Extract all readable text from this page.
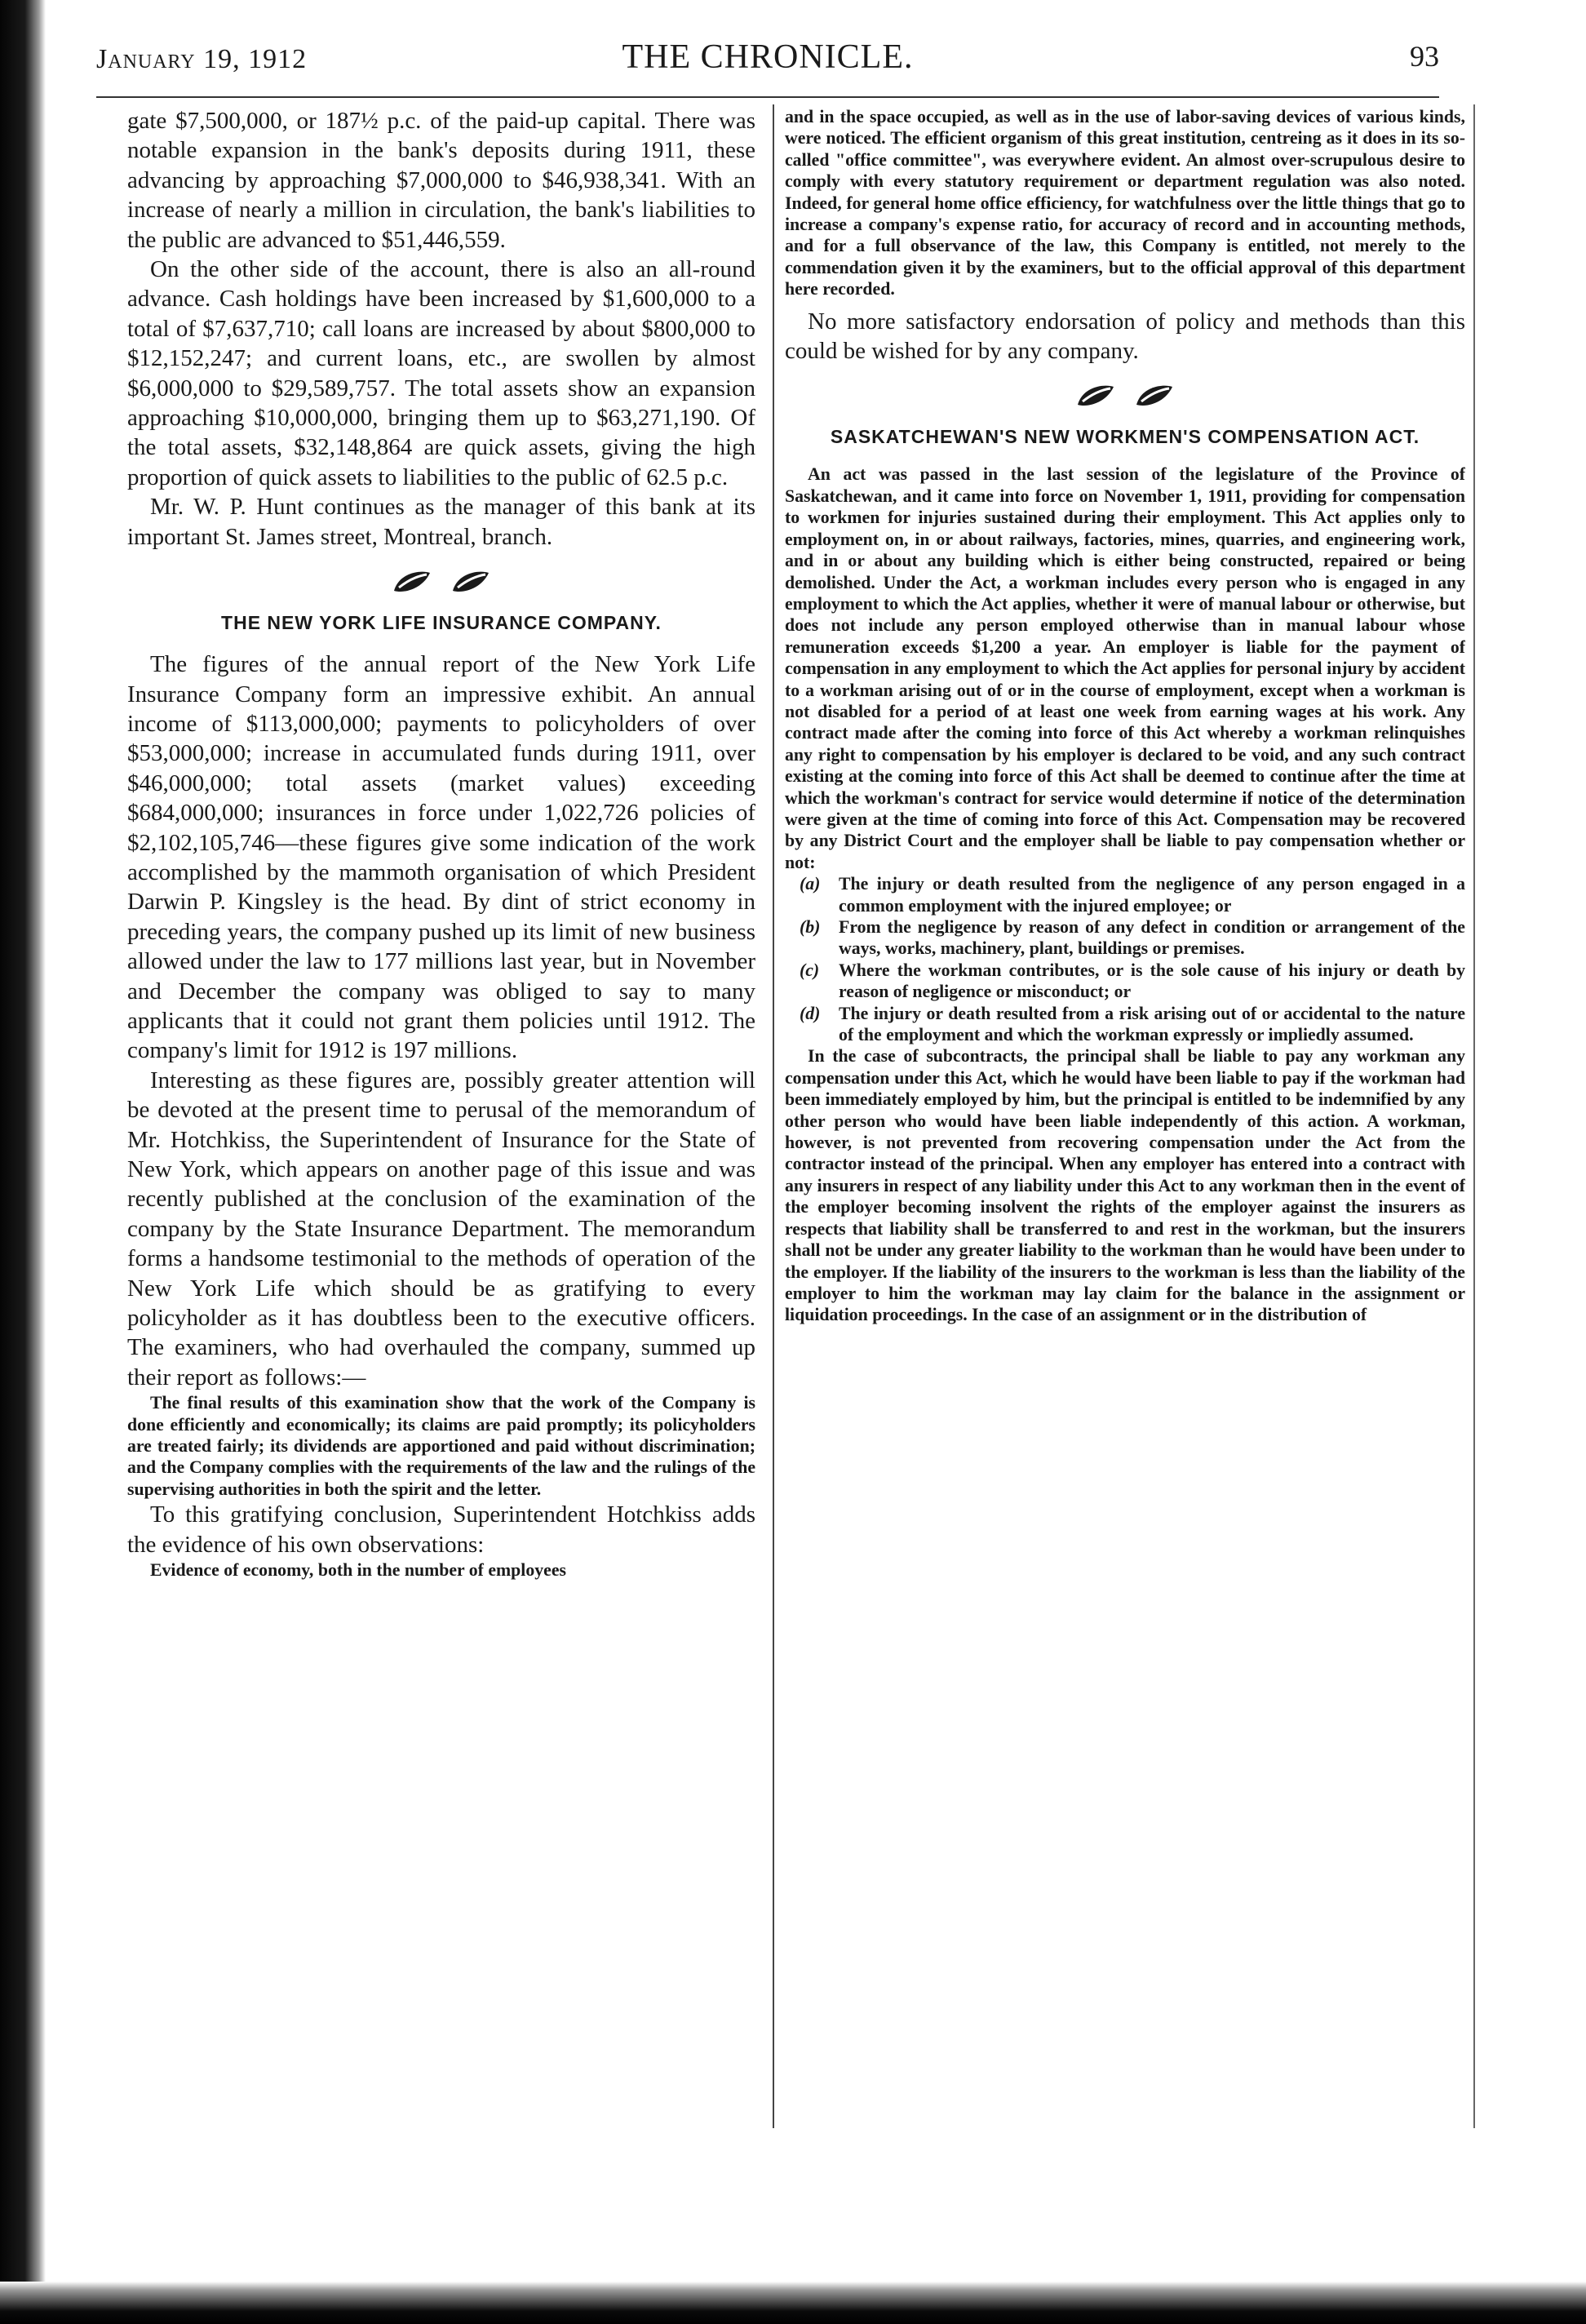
January 19, 1912	THE CHRONICLE.	93

gate $7,500,000, or 187½ p.c. of the paid-up capital. There was notable expansion in the bank's deposits during 1911, these advancing by approaching $7,000,000 to $46,938,341. With an increase of nearly a million in circulation, the bank's liabilities to the public are advanced to $51,446,559.

On the other side of the account, there is also an all-round advance. Cash holdings have been increased by $1,600,000 to a total of $7,637,710; call loans are increased by about $800,000 to $12,152,247; and current loans, etc., are swollen by almost $6,000,000 to $29,589,757. The total assets show an expansion approaching $10,000,000, bringing them up to $63,271,190. Of the total assets, $32,148,864 are quick assets, giving the high proportion of quick assets to liabilities to the public of 62.5 p.c.

Mr. W. P. Hunt continues as the manager of this bank at its important St. James street, Montreal, branch.

THE NEW YORK LIFE INSURANCE COMPANY.

The figures of the annual report of the New York Life Insurance Company form an impressive exhibit. An annual income of $113,000,000; payments to policyholders of over $53,000,000; increase in accumulated funds during 1911, over $46,000,000; total assets (market values) exceeding $684,000,000; insurances in force under 1,022,726 policies of $2,102,105,746—these figures give some indication of the work accomplished by the mammoth organisation of which President Darwin P. Kingsley is the head. By dint of strict economy in preceding years, the company pushed up its limit of new business allowed under the law to 177 millions last year, but in November and December the company was obliged to say to many applicants that it could not grant them policies until 1912. The company's limit for 1912 is 197 millions.

Interesting as these figures are, possibly greater attention will be devoted at the present time to perusal of the memorandum of Mr. Hotchkiss, the Superintendent of Insurance for the State of New York, which appears on another page of this issue and was recently published at the conclusion of the examination of the company by the State Insurance Department. The memorandum forms a handsome testimonial to the methods of operation of the New York Life which should be as gratifying to every policyholder as it has doubtless been to the executive officers. The examiners, who had overhauled the company, summed up their report as follows:—

The final results of this examination show that the work of the Company is done efficiently and economically; its claims are paid promptly; its policyholders are treated fairly; its dividends are apportioned and paid without discrimination; and the Company complies with the requirements of the law and the rulings of the supervising authorities in both the spirit and the letter.

To this gratifying conclusion, Superintendent Hotchkiss adds the evidence of his own observations:

Evidence of economy, both in the number of employees

and in the space occupied, as well as in the use of labor-saving devices of various kinds, were noticed. The efficient organism of this great institution, centreing as it does in its so-called "office committee", was everywhere evident. An almost over-scrupulous desire to comply with every statutory requirement or department regulation was also noted. Indeed, for general home office efficiency, for watchfulness over the little things that go to increase a company's expense ratio, for accuracy of record and in accounting methods, and for a full observance of the law, this Company is entitled, not merely to the commendation given it by the examiners, but to the official approval of this department here recorded.

No more satisfactory endorsation of policy and methods than this could be wished for by any company.

SASKATCHEWAN'S NEW WORKMEN'S COMPENSATION ACT.

An act was passed in the last session of the legislature of the Province of Saskatchewan, and it came into force on November 1, 1911, providing for compensation to workmen for injuries sustained during their employment. This Act applies only to employment on, in or about railways, factories, mines, quarries, and engineering work, and in or about any building which is either being constructed, repaired or being demolished. Under the Act, a workman includes every person who is engaged in any employment to which the Act applies, whether it were of manual labour or otherwise, but does not include any person employed otherwise than in manual labour whose remuneration exceeds $1,200 a year. An employer is liable for the payment of compensation in any employment to which the Act applies for personal injury by accident to a workman arising out of or in the course of employment, except when a workman is not disabled for a period of at least one week from earning wages at his work. Any contract made after the coming into force of this Act whereby a workman relinquishes any right to compensation by his employer is declared to be void, and any such contract existing at the coming into force of this Act shall be deemed to continue after the time at which the workman's contract for service would determine if notice of the determination were given at the time of coming into force of this Act. Compensation may be recovered by any District Court and the employer shall be liable to pay compensation whether or not:

(a) The injury or death resulted from the negligence of any person engaged in a common employment with the injured employee; or
(b) From the negligence by reason of any defect in condition or arrangement of the ways, works, machinery, plant, buildings or premises.
(c) Where the workman contributes, or is the sole cause of his injury or death by reason of negligence or misconduct; or
(d) The injury or death resulted from a risk arising out of or accidental to the nature of the employment and which the workman expressly or impliedly assumed.

In the case of subcontracts, the principal shall be liable to pay any workman any compensation under this Act, which he would have been liable to pay if the workman had been immediately employed by him, but the principal is entitled to be indemnified by any other person who would have been liable independently of this action. A workman, however, is not prevented from recovering compensation under the Act from the contractor instead of the principal. When any employer has entered into a contract with any insurers in respect of any liability under this Act to any workman then in the event of the employer becoming insolvent the rights of the employer against the insurers as respects that liability shall be transferred to and rest in the workman, but the insurers shall not be under any greater liability to the workman than he would have been under to the employer. If the liability of the insurers to the workman is less than the liability of the employer to him the workman may lay claim for the balance in the assignment or liquidation proceedings. In the case of an assignment or in the distribution of
